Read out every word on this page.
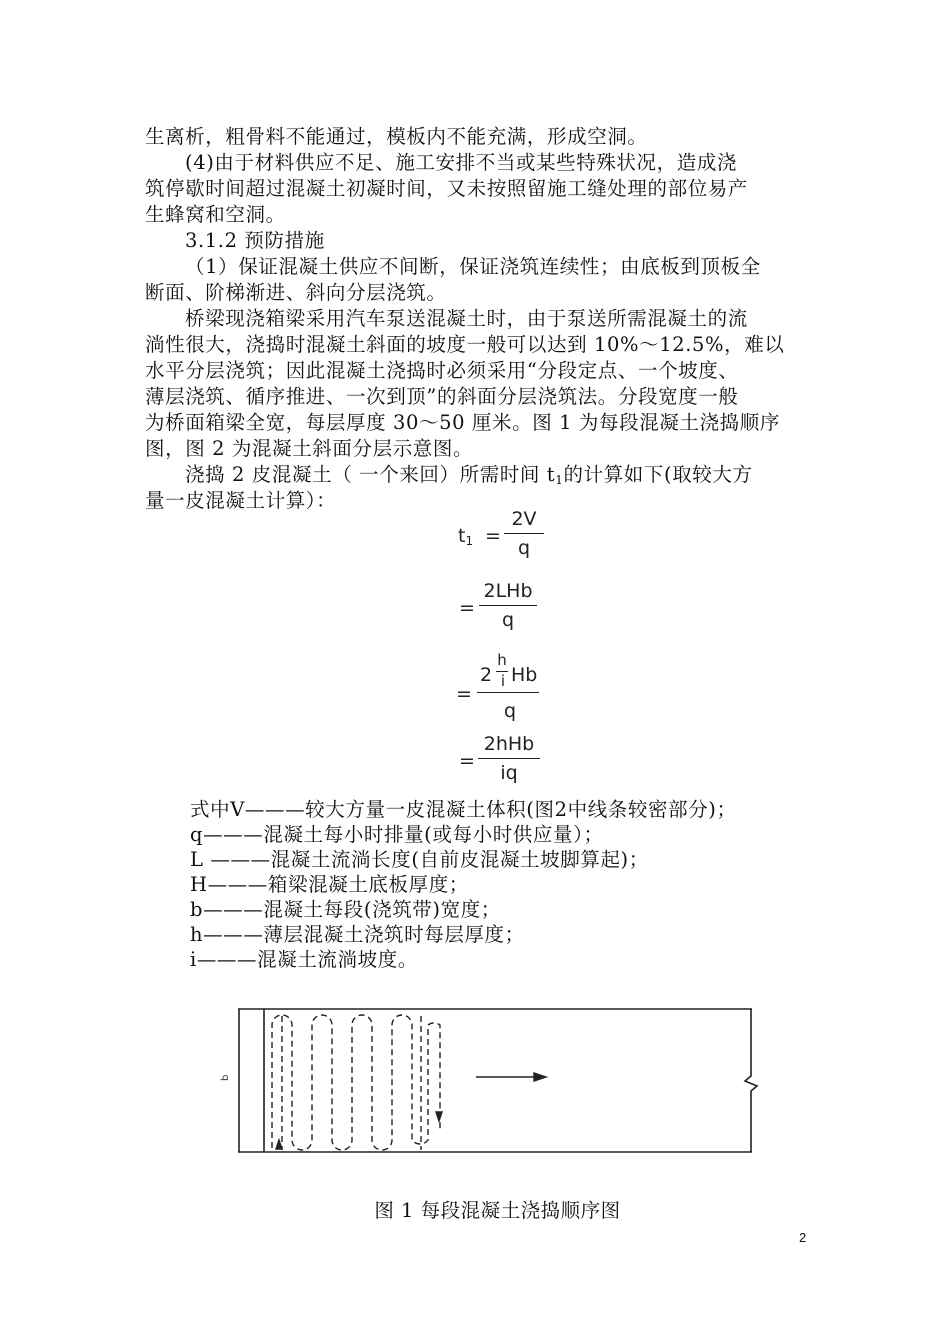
生离析，粗骨料不能通过，模板内不能充满，形成空洞。
(4)由于材料供应不足、施工安排不当或某些特殊状况，造成浇
筑停歇时间超过混凝土初凝时间，又未按照留施工缝处理的部位易产
生蜂窝和空洞。
3.1.2 预防措施
（1）保证混凝土供应不间断，保证浇筑连续性；由底板到顶板全
断面、阶梯渐进、斜向分层浇筑。
桥梁现浇箱梁采用汽车泵送混凝土时，由于泵送所需混凝土的流
淌性很大，浇捣时混凝土斜面的坡度一般可以达到 10%～12.5%，难以
水平分层浇筑；因此混凝土浇捣时必须采用“分段定点、一个坡度、
薄层浇筑、循序推进、一次到顶”的斜面分层浇筑法。分段宽度一般
为桥面箱梁全宽，每层厚度 30～50 厘米。图 1 为每段混凝土浇捣顺序
图，图 2 为混凝土斜面分层示意图。
浇捣 2 皮混凝土（ 一个来回）所需时间 $t_1$的计算如下(取较大方
量一皮混凝土计算）：
$t_1$ =
2V
q
=
2LHb
q
=
2
h
i Hb
q
=
2hHb
iq
式中V———较大方量一皮混凝土体积(图2中线条较密部分)；
q———混凝土每小时排量(或每小时供应量）；
L ———混凝土流淌长度(自前皮混凝土坡脚算起)；
H———箱梁混凝土底板厚度；
b———混凝土每段(浇筑带)宽度；
h———薄层混凝土浇筑时每层厚度；
i———混凝土流淌坡度。
b
图 1 每段混凝土浇捣顺序图
2
